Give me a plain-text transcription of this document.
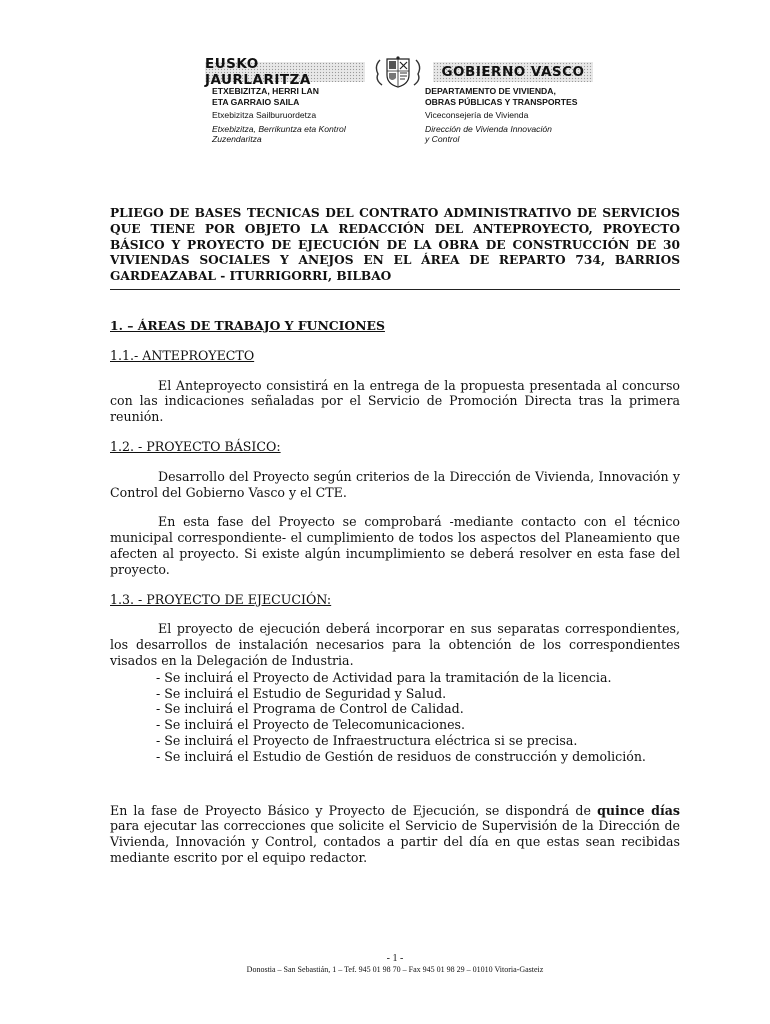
EUSKO JAURLARITZA	GOBIERNO VASCO
ETXEBIZITZA, HERRI LAN
ETA GARRAIO SAILA
Etxebizitza Sailburuordetza
Etxebizitza, Berrikuntza eta Kontrol
Zuzendaritza
DEPARTAMENTO DE VIVIENDA,
OBRAS PÚBLICAS Y TRANSPORTES
Viceconsejería de Vivienda
Dirección de Vivienda Innovación
y Control
PLIEGO DE BASES TECNICAS DEL CONTRATO ADMINISTRATIVO DE SERVICIOS QUE TIENE POR OBJETO LA REDACCIÓN DEL ANTEPROYECTO, PROYECTO BÁSICO Y PROYECTO DE EJECUCIÓN DE LA OBRA DE CONSTRUCCIÓN DE 30 VIVIENDAS SOCIALES Y ANEJOS EN EL ÁREA DE REPARTO 734, BARRIOS GARDEAZABAL - ITURRIGORRI, BILBAO
1. – ÁREAS DE TRABAJO Y FUNCIONES
1.1.- ANTEPROYECTO
El Anteproyecto consistirá en la entrega de la propuesta presentada al concurso con las indicaciones señaladas por el Servicio de Promoción Directa tras la primera reunión.
1.2. - PROYECTO BÁSICO:
Desarrollo del Proyecto según criterios de la Dirección de Vivienda, Innovación y Control del Gobierno Vasco y el CTE.
En esta fase del Proyecto se comprobará -mediante contacto con el técnico municipal correspondiente- el cumplimiento de todos los aspectos del Planeamiento que afecten al proyecto. Si existe algún incumplimiento se deberá resolver en esta fase del proyecto.
1.3. - PROYECTO DE EJECUCIÓN:
El proyecto de ejecución deberá incorporar en sus separatas correspondientes, los desarrollos de instalación necesarios para la obtención de los correspondientes visados en la Delegación de Industria.
- Se incluirá el Proyecto de Actividad para la tramitación de la licencia.
- Se incluirá el Estudio de Seguridad y Salud.
- Se incluirá el Programa de Control de Calidad.
- Se incluirá el Proyecto de Telecomunicaciones.
- Se incluirá el Proyecto de Infraestructura eléctrica si se precisa.
- Se incluirá el Estudio de Gestión de residuos de construcción y demolición.
En la fase de Proyecto Básico y Proyecto de Ejecución, se dispondrá de quince días para ejecutar las correcciones que solicite el Servicio de Supervisión de la Dirección de Vivienda, Innovación y Control, contados a partir del día en que estas sean recibidas mediante escrito por el equipo redactor.
- 1 -
Donostia – San Sebastián, 1 – Tef. 945 01 98 70 – Fax 945 01 98 29 – 01010 Vitoria-Gasteiz
